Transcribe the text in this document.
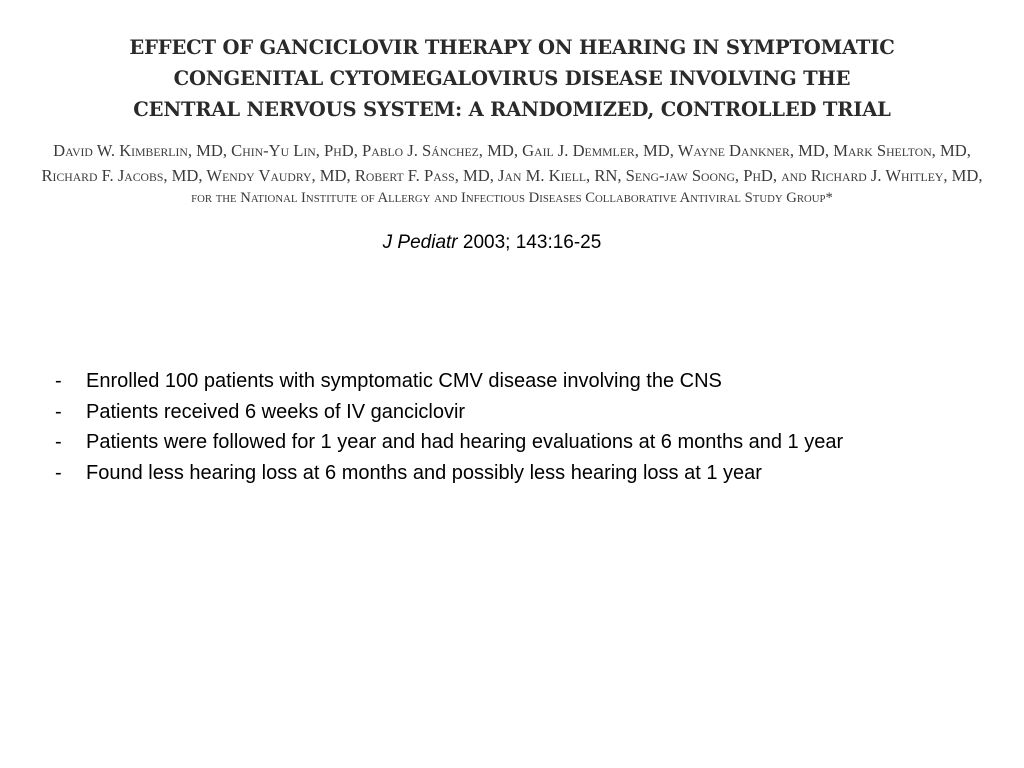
EFFECT OF GANCICLOVIR THERAPY ON HEARING IN SYMPTOMATIC
CONGENITAL CYTOMEGALOVIRUS DISEASE INVOLVING THE
CENTRAL NERVOUS SYSTEM: A RANDOMIZED, CONTROLLED TRIAL
David W. Kimberlin, MD, Chin-Yu Lin, PhD, Pablo J. Sánchez, MD, Gail J. Demmler, MD, Wayne Dankner, MD, Mark Shelton, MD,
Richard F. Jacobs, MD, Wendy Vaudry, MD, Robert F. Pass, MD, Jan M. Kiell, RN, Seng-jaw Soong, PhD, and Richard J. Whitley, MD,
for the National Institute of Allergy and Infectious Diseases Collaborative Antiviral Study Group*
J Pediatr 2003; 143:16-25
- Enrolled 100 patients with symptomatic CMV disease involving the CNS
- Patients received 6 weeks of IV ganciclovir
- Patients were followed for 1 year and had hearing evaluations at 6 months and 1 year
- Found less hearing loss at 6 months and possibly less hearing loss at 1 year
